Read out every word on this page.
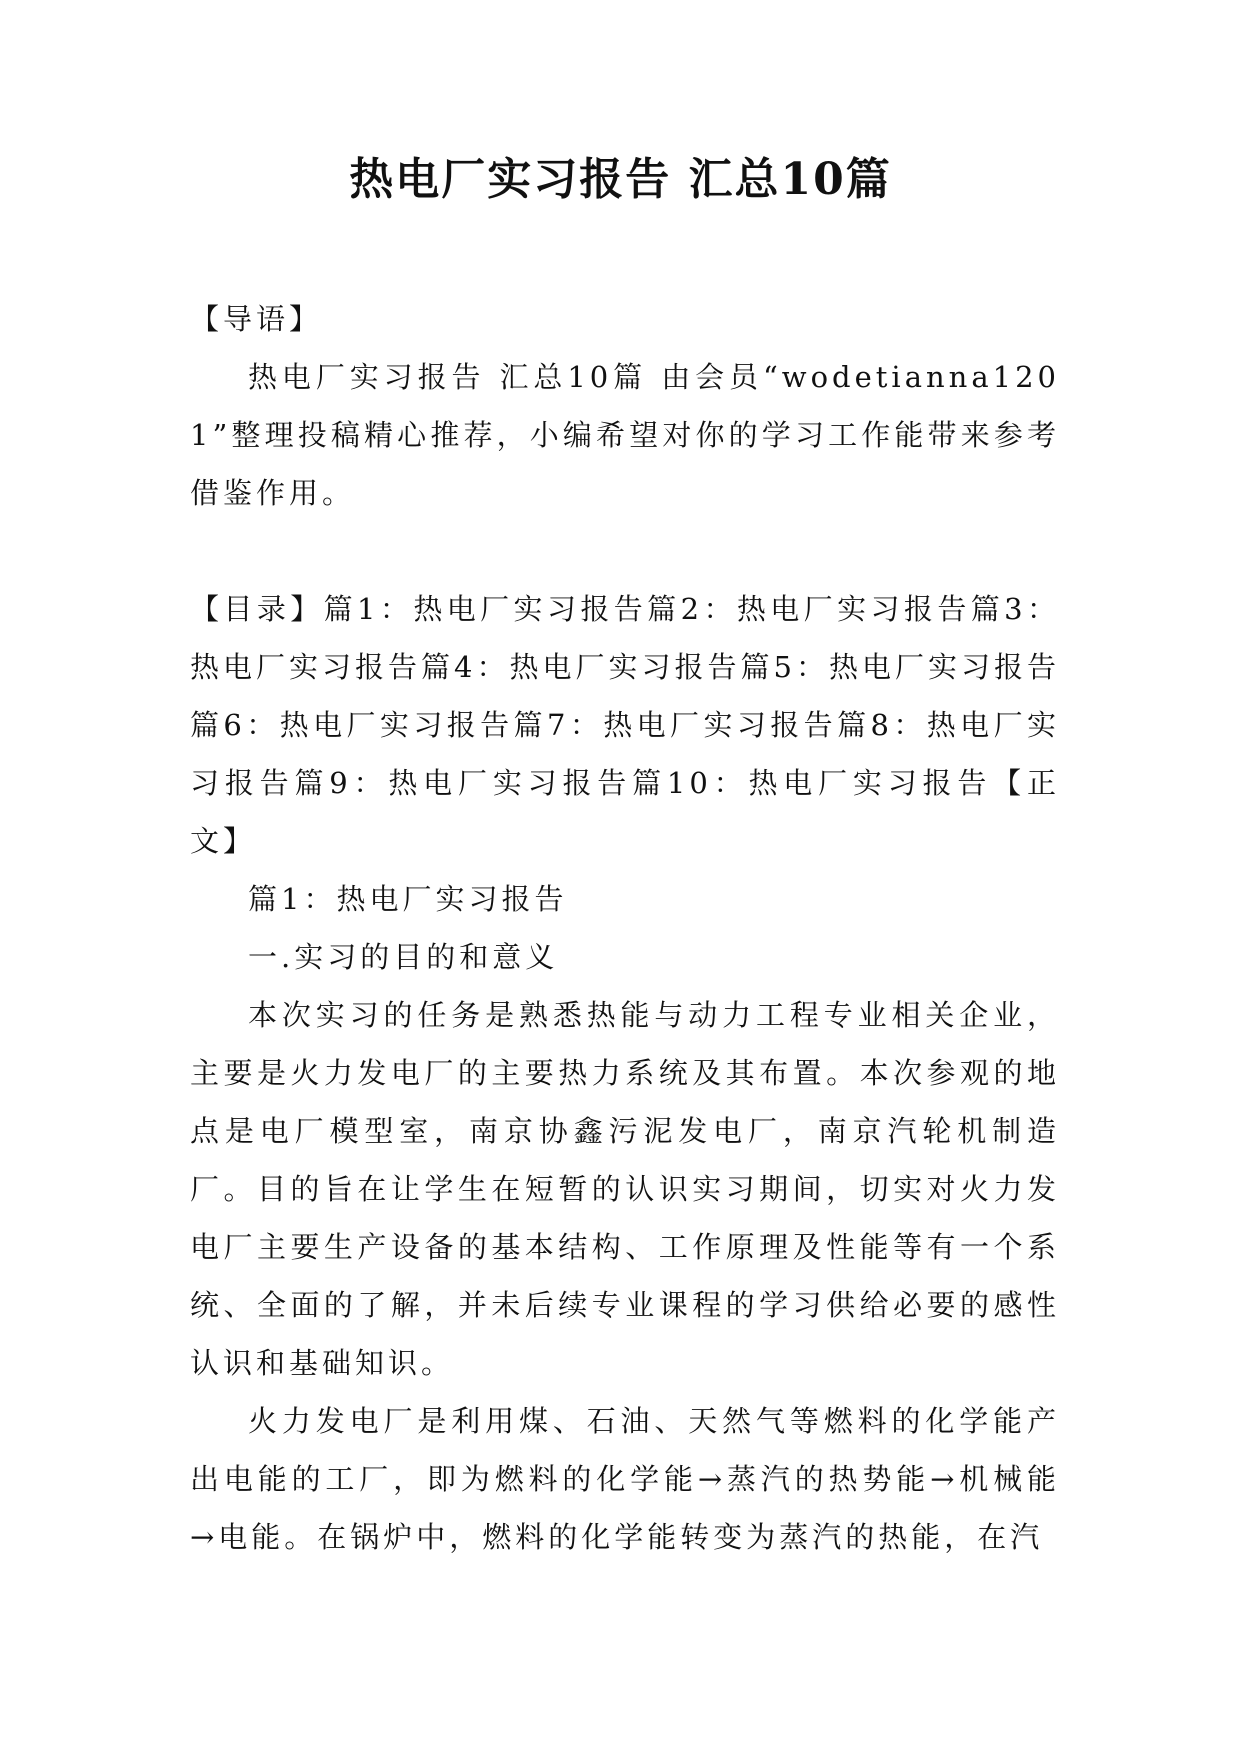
热电厂实习报告 汇总10篇

【导语】

热电厂实习报告 汇总10篇 由会员“wodetianna1201”整理投稿精心推荐，小编希望对你的学习工作能带来参考借鉴作用。

【目录】篇1：热电厂实习报告篇2：热电厂实习报告篇3：热电厂实习报告篇4：热电厂实习报告篇5：热电厂实习报告篇6：热电厂实习报告篇7：热电厂实习报告篇8：热电厂实习报告篇9：热电厂实习报告篇10：热电厂实习报告【正文】

篇1：热电厂实习报告

一.实习的目的和意义

本次实习的任务是熟悉热能与动力工程专业相关企业，主要是火力发电厂的主要热力系统及其布置。本次参观的地点是电厂模型室，南京协鑫污泥发电厂，南京汽轮机制造厂。目的旨在让学生在短暂的认识实习期间，切实对火力发电厂主要生产设备的基本结构、工作原理及性能等有一个系统、全面的了解，并未后续专业课程的学习供给必要的感性认识和基础知识。

火力发电厂是利用煤、石油、天然气等燃料的化学能产出电能的工厂，即为燃料的化学能→蒸汽的热势能→机械能→电能。在锅炉中，燃料的化学能转变为蒸汽的热能，在汽
